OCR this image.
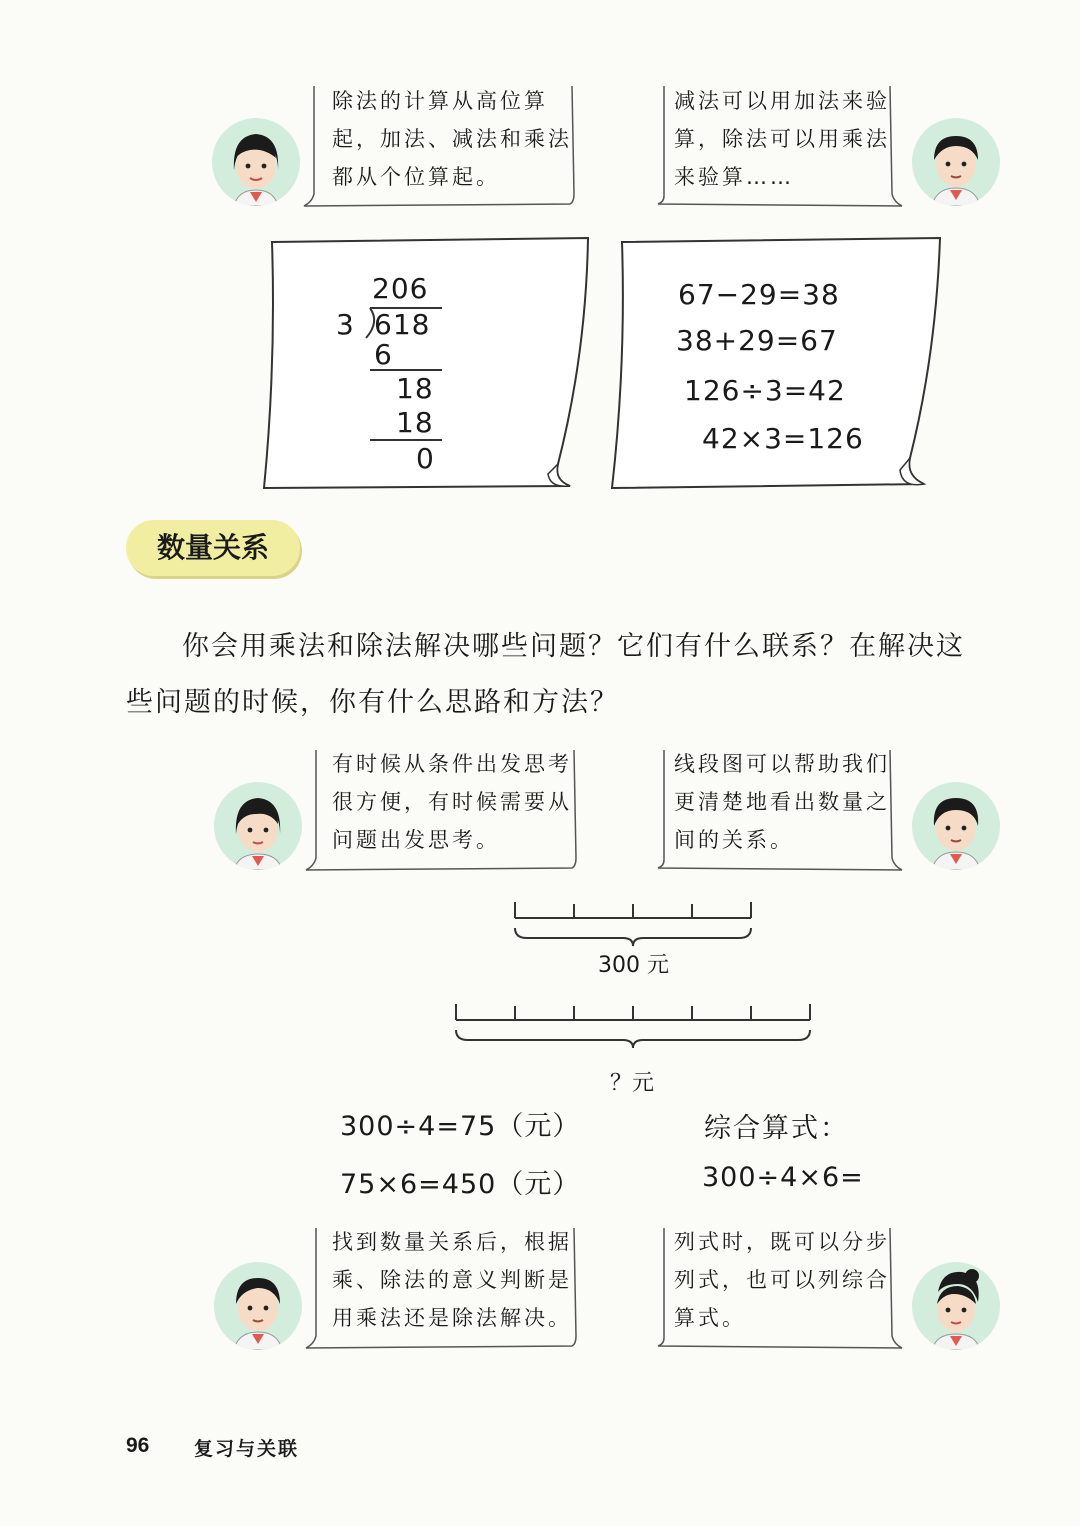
除法的计算从高位算
起，加法、减法和乘法
都从个位算起。
减法可以用加法来验
算，除法可以用乘法
来验算……
206
3 618
6
18
18
0
67−29=38
38+29=67
126÷3=42
42×3=126
数量关系
你会用乘法和除法解决哪些问题？它们有什么联系？在解决这
些问题的时候，你有什么思路和方法？
有时候从条件出发思考
很方便，有时候需要从
问题出发思考。
线段图可以帮助我们
更清楚地看出数量之
间的关系。
300 元
？元
300÷4=75（元）
75×6=450（元）
综合算式：
300÷4×6=
找到数量关系后，根据
乘、除法的意义判断是
用乘法还是除法解决。
列式时，既可以分步
列式，也可以列综合
算式。
96 复习与关联
